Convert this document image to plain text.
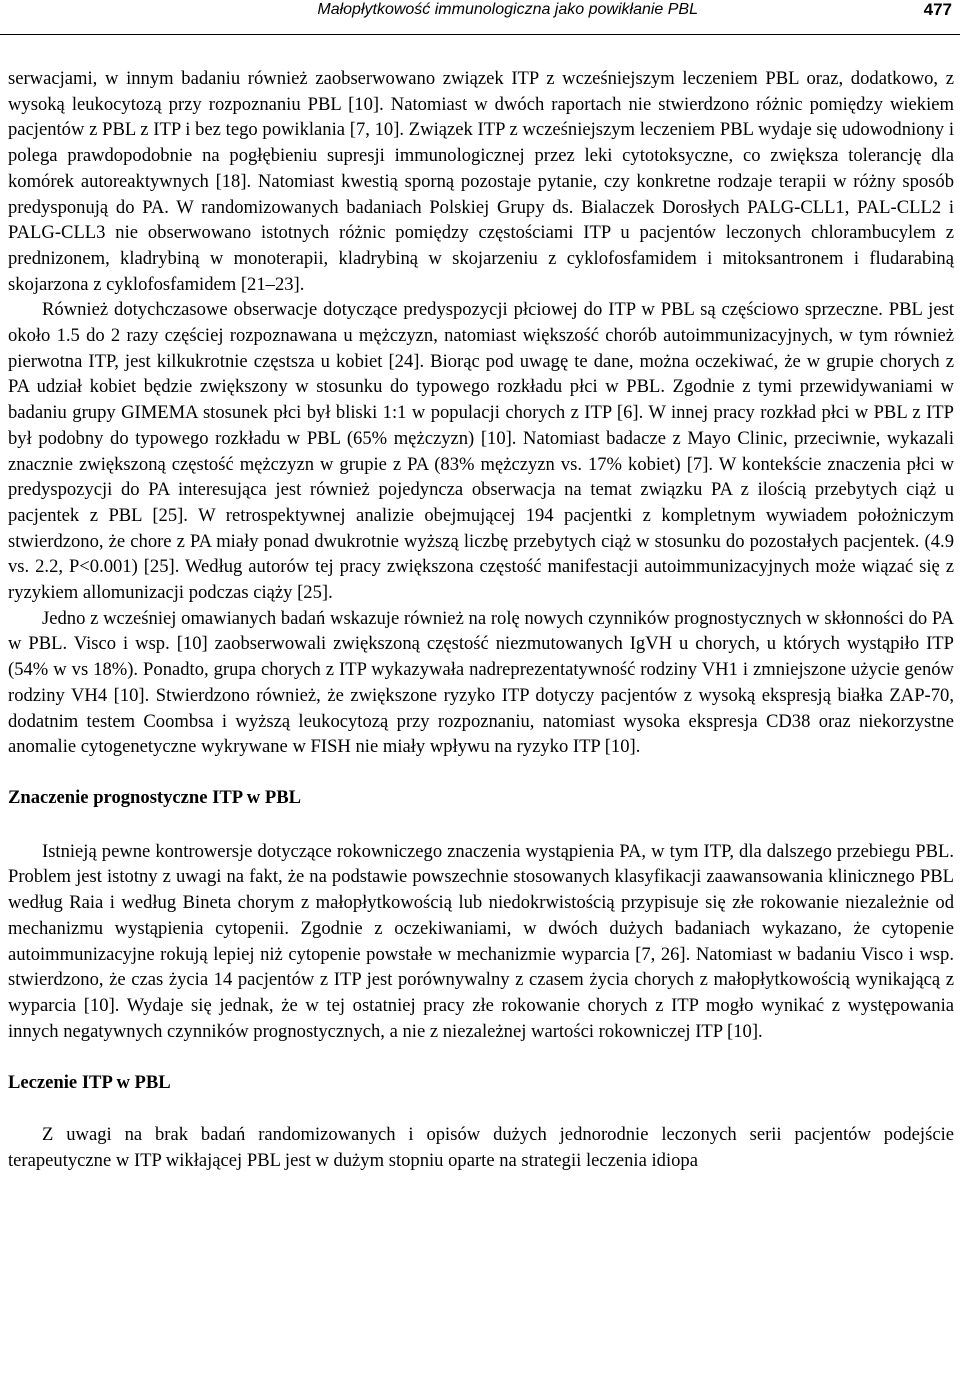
Małopłytkowość immunologiczna jako powikłanie PBL	477

serwacjami, w innym badaniu również zaobserwowano związek ITP z wcześniejszym leczeniem PBL oraz, dodatkowo, z wysoką leukocytozą przy rozpoznaniu PBL [10]. Natomiast w dwóch raportach nie stwierdzono różnic pomiędzy wiekiem pacjentów z PBL z ITP i bez tego powiklania [7, 10]. Związek ITP z wcześniejszym leczeniem PBL wydaje się udowodniony i polega prawdopodobnie na pogłębieniu supresji immunologicznej przez leki cytotoksyczne, co zwiększa tolerancję dla komórek autoreaktywnych [18]. Natomiast kwestią sporną pozostaje pytanie, czy konkretne rodzaje terapii w różny sposób predysponują do PA. W randomizowanych badaniach Polskiej Grupy ds. Bialaczek Dorosłych PALG-CLL1, PAL-CLL2 i PALG-CLL3 nie obserwowano istotnych różnic pomiędzy częstościami ITP u pacjentów leczonych chlorambucylem z prednizonem, kladrybiną w monoterapii, kladrybiną w skojarzeniu z cyklofosfamidem i mitoksantronem i fludarabiną skojarzona z cyklofosfamidem [21–23].

Również dotychczasowe obserwacje dotyczące predyspozycji płciowej do ITP w PBL są częściowo sprzeczne. PBL jest około 1.5 do 2 razy częściej rozpoznawana u mężczyzn, natomiast większość chorób autoimmunizacyjnych, w tym również pierwotna ITP, jest kilkukrotnie częstsza u kobiet [24]. Biorąc pod uwagę te dane, można oczekiwać, że w grupie chorych z PA udział kobiet będzie zwiększony w stosunku do typowego rozkładu płci w PBL. Zgodnie z tymi przewidywaniami w badaniu grupy GIMEMA stosunek płci był bliski 1:1 w populacji chorych z ITP [6]. W innej pracy rozkład płci w PBL z ITP był podobny do typowego rozkładu w PBL (65% mężczyzn) [10]. Natomiast badacze z Mayo Clinic, przeciwnie, wykazali znacznie zwiększoną częstość mężczyzn w grupie z PA (83% mężczyzn vs. 17% kobiet) [7]. W kontekście znaczenia płci w predyspozycji do PA interesująca jest również pojedyncza obserwacja na temat związku PA z ilością przebytych ciąż u pacjentek z PBL [25]. W retrospektywnej analizie obejmującej 194 pacjentki z kompletnym wywiadem położniczym stwierdzono, że chore z PA miały ponad dwukrotnie wyższą liczbę przebytych ciąż w stosunku do pozostałych pacjentek. (4.9 vs. 2.2, P<0.001) [25]. Według autorów tej pracy zwiększona częstość manifestacji autoimmunizacyjnych może wiązać się z ryzykiem allomunizacji podczas ciąży [25].

Jedno z wcześniej omawianych badań wskazuje również na rolę nowych czynników prognostycznych w skłonności do PA w PBL. Visco i wsp. [10] zaobserwowali zwiększoną częstość niezmutowanych IgVH u chorych, u których wystąpiło ITP (54% w vs 18%). Ponadto, grupa chorych z ITP wykazywała nadreprezentatywność rodziny VH1 i zmniejszone użycie genów rodziny VH4 [10]. Stwierdzono również, że zwiększone ryzyko ITP dotyczy pacjentów z wysoką ekspresją białka ZAP-70, dodatnim testem Coombsa i wyższą leukocytozą przy rozpoznaniu, natomiast wysoka ekspresja CD38 oraz niekorzystne anomalie cytogenetyczne wykrywane w FISH nie miały wpływu na ryzyko ITP [10].

Znaczenie prognostyczne ITP w PBL

Istnieją pewne kontrowersje dotyczące rokowniczego znaczenia wystąpienia PA, w tym ITP, dla dalszego przebiegu PBL. Problem jest istotny z uwagi na fakt, że na podstawie powszechnie stosowanych klasyfikacji zaawansowania klinicznego PBL według Raia i według Bineta chorym z małopłytkowością lub niedokrwistością przypisuje się złe rokowanie niezależnie od mechanizmu wystąpienia cytopenii. Zgodnie z oczekiwaniami, w dwóch dużych badaniach wykazano, że cytopenie autoimmunizacyjne rokują lepiej niż cytopenie powstałe w mechanizmie wyparcia [7, 26]. Natomiast w badaniu Visco i wsp. stwierdzono, że czas życia 14 pacjentów z ITP jest porównywalny z czasem życia chorych z małopłytkowością wynikającą z wyparcia [10]. Wydaje się jednak, że w tej ostatniej pracy złe rokowanie chorych z ITP mogło wynikać z występowania innych negatywnych czynników prognostycznych, a nie z niezależnej wartości rokowniczej ITP [10].

Leczenie ITP w PBL

Z uwagi na brak badań randomizowanych i opisów dużych jednorodnie leczonych serii pacjentów podejście terapeutyczne w ITP wikłającej PBL jest w dużym stopniu oparte na strategii leczenia idiopa
